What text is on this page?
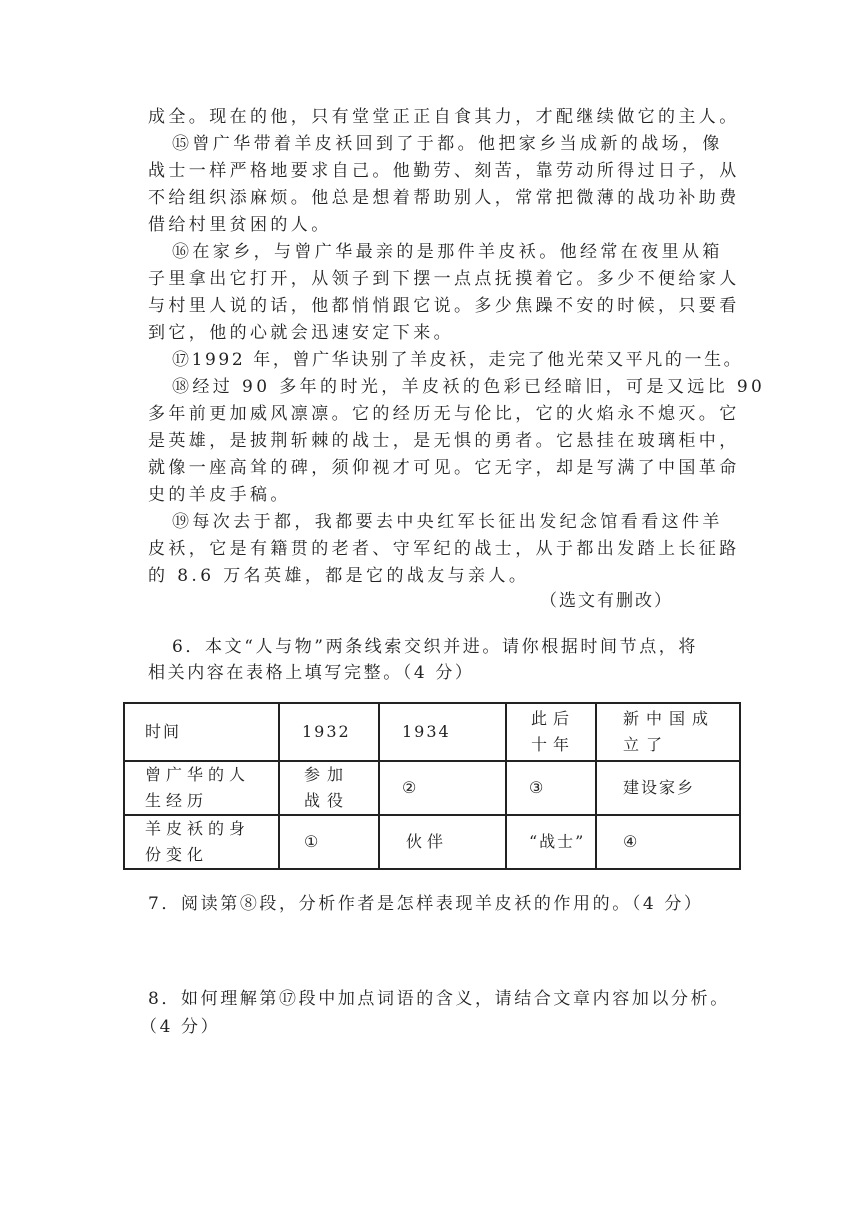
成全。现在的他，只有堂堂正正自食其力，才配继续做它的主人。
⑮曾广华带着羊皮袄回到了于都。他把家乡当成新的战场，像
战士一样严格地要求自己。他勤劳、刻苦，靠劳动所得过日子，从
不给组织添麻烦。他总是想着帮助别人，常常把微薄的战功补助费
借给村里贫困的人。
⑯在家乡，与曾广华最亲的是那件羊皮袄。他经常在夜里从箱
子里拿出它打开，从领子到下摆一点点抚摸着它。多少不便给家人
与村里人说的话，他都悄悄跟它说。多少焦躁不安的时候，只要看
到它，他的心就会迅速安定下来。
⑰1992 年，曾广华诀别了羊皮袄，走完了他光荣又平凡的一生。
⑱经过 90 多年的时光，羊皮袄的色彩已经暗旧，可是又远比 90
多年前更加威风凛凛。它的经历无与伦比，它的火焰永不熄灭。它
是英雄，是披荆斩棘的战士，是无惧的勇者。它悬挂在玻璃柜中，
就像一座高耸的碑，须仰视才可见。它无字，却是写满了中国革命
史的羊皮手稿。
⑲每次去于都，我都要去中央红军长征出发纪念馆看看这件羊
皮袄，它是有籍贯的老者、守军纪的战士，从于都出发踏上长征路
的 8.6 万名英雄，都是它的战友与亲人。
（选文有删改）
6．本文“人与物”两条线索交织并进。请你根据时间节点，将
相关内容在表格上填写完整。（4 分）
时间	1932	1934	此后十年	新中国成立了
曾广华的人生经历	参加战役	②	③	建设家乡
羊皮袄的身份变化	①	伙伴	“战士”	④
7．阅读第⑧段，分析作者是怎样表现羊皮袄的作用的。（4 分）
8．如何理解第⑰段中加点词语的含义，请结合文章内容加以分析。
（4 分）
